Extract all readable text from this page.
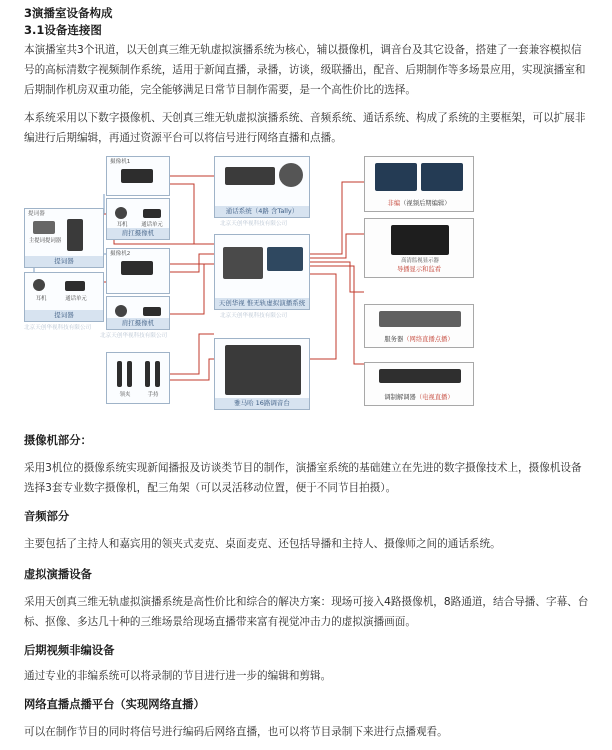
3演播室设备构成
3.1设备连接图
本演播室共3个讯道，以天创真三维无轨虚拟演播系统为核心，辅以摄像机，调音台及其它设备，搭建了一套兼容模拟信号的高标清数字视频制作系统，适用于新闻直播，录播，访谈，级联播出，配音、后期制作等多场景应用，实现演播室和后期制作机房双重功能，完全能够满足日常节目制作需要，是一个高性价比的选择。
本系统采用以下数字摄像机、天创真三维无轨虚拟演播系统、音频系统、通话系统、构成了系统的主要框架，可以扩展非编进行后期编辑，再通过资源平台可以将信号进行网络直播和点播。
摄像机1
耳机	通话单元
肩扛摄像机
提词器
主提词提词器
提词器
耳机	通话单元
提词器
摄像机2
肩扛摄像机
北京天创华视科技有限公司
北京天创华视科技有限公司
领夹	手持
通话系统（4路 含Tally）
北京天创华视科技有限公司
天创华视 惟无轨虚拟演播系统
北京天创华视科技有限公司
雅马哈 16路调音台
非编（视频后期编辑）
高清监视显示器
导播显示和监看
服务器（网络直播点播）
调制解调器（电视直播）
摄像机部分：
采用3机位的摄像系统实现新闻播报及访谈类节目的制作，演播室系统的基础建立在先进的数字摄像技术上，摄像机设备选择3套专业数字摄像机，配三角架（可以灵活移动位置，便于不同节目拍摄）。
音频部分
主要包括了主持人和嘉宾用的领夹式麦克、桌面麦克、还包括导播和主持人、摄像师之间的通话系统。
虚拟演播设备
采用天创真三维无轨虚拟演播系统是高性价比和综合的解决方案：现场可接入4路摄像机，8路通道，结合导播、字幕、台标、抠像、多达几十种的三维场景给现场直播带来富有视觉冲击力的虚拟演播画面。
后期视频非编设备
通过专业的非编系统可以将录制的节目进行进一步的编辑和剪辑。
网络直播点播平台（实现网络直播）
可以在制作节目的同时将信号进行编码后网络直播，也可以将节目录制下来进行点播观看。
